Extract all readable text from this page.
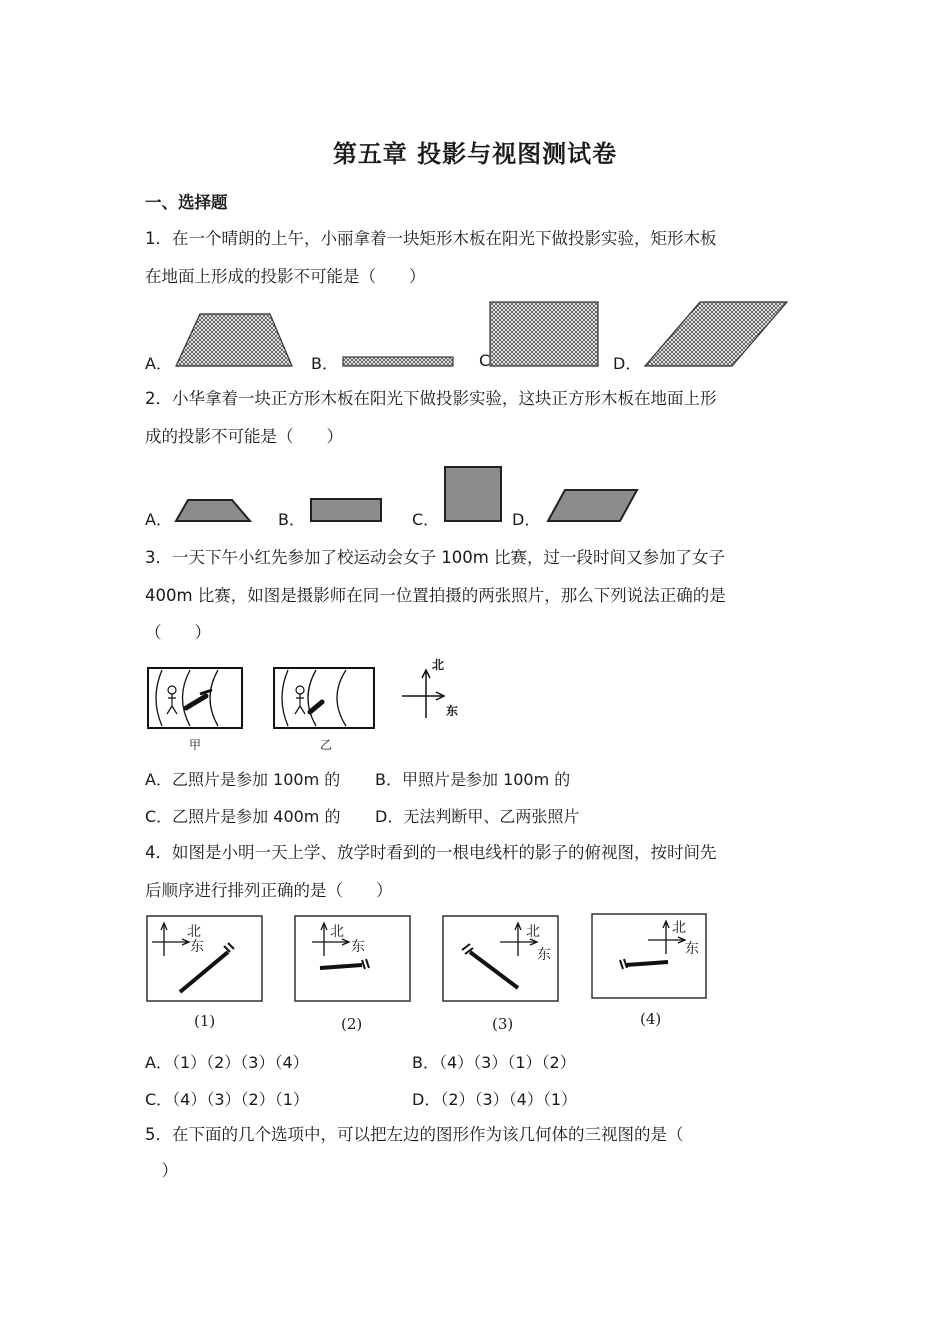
第五章 投影与视图测试卷
一、选择题
1．在一个晴朗的上午，小丽拿着一块矩形木板在阳光下做投影实验，矩形木板
在地面上形成的投影不可能是（　　）
A．	B．	C	D．
2．小华拿着一块正方形木板在阳光下做投影实验，这块正方形木板在地面上形
成的投影不可能是（　　）
A．	B．	C．	D．
3．一天下午小红先参加了校运动会女子 100m 比赛，过一段时间又参加了女子
400m 比赛，如图是摄影师在同一位置拍摄的两张照片，那么下列说法正确的是
（　　）
北
东
甲	乙
A．乙照片是参加 100m 的 B．甲照片是参加 100m 的
C．乙照片是参加 400m 的 D．无法判断甲、乙两张照片
4．如图是小明一天上学、放学时看到的一根电线杆的影子的俯视图，按时间先
后顺序进行排列正确的是（　　）
北
东
北
东
北
东
北
东
(1)	(2)	(3)	(4)
A．（1）（2）（3）（4）	B．（4）（3）（1）（2）
C．（4）（3）（2）（1）	D．（2）（3）（4）（1）
5．在下面的几个选项中，可以把左边的图形作为该几何体的三视图的是（
　）
